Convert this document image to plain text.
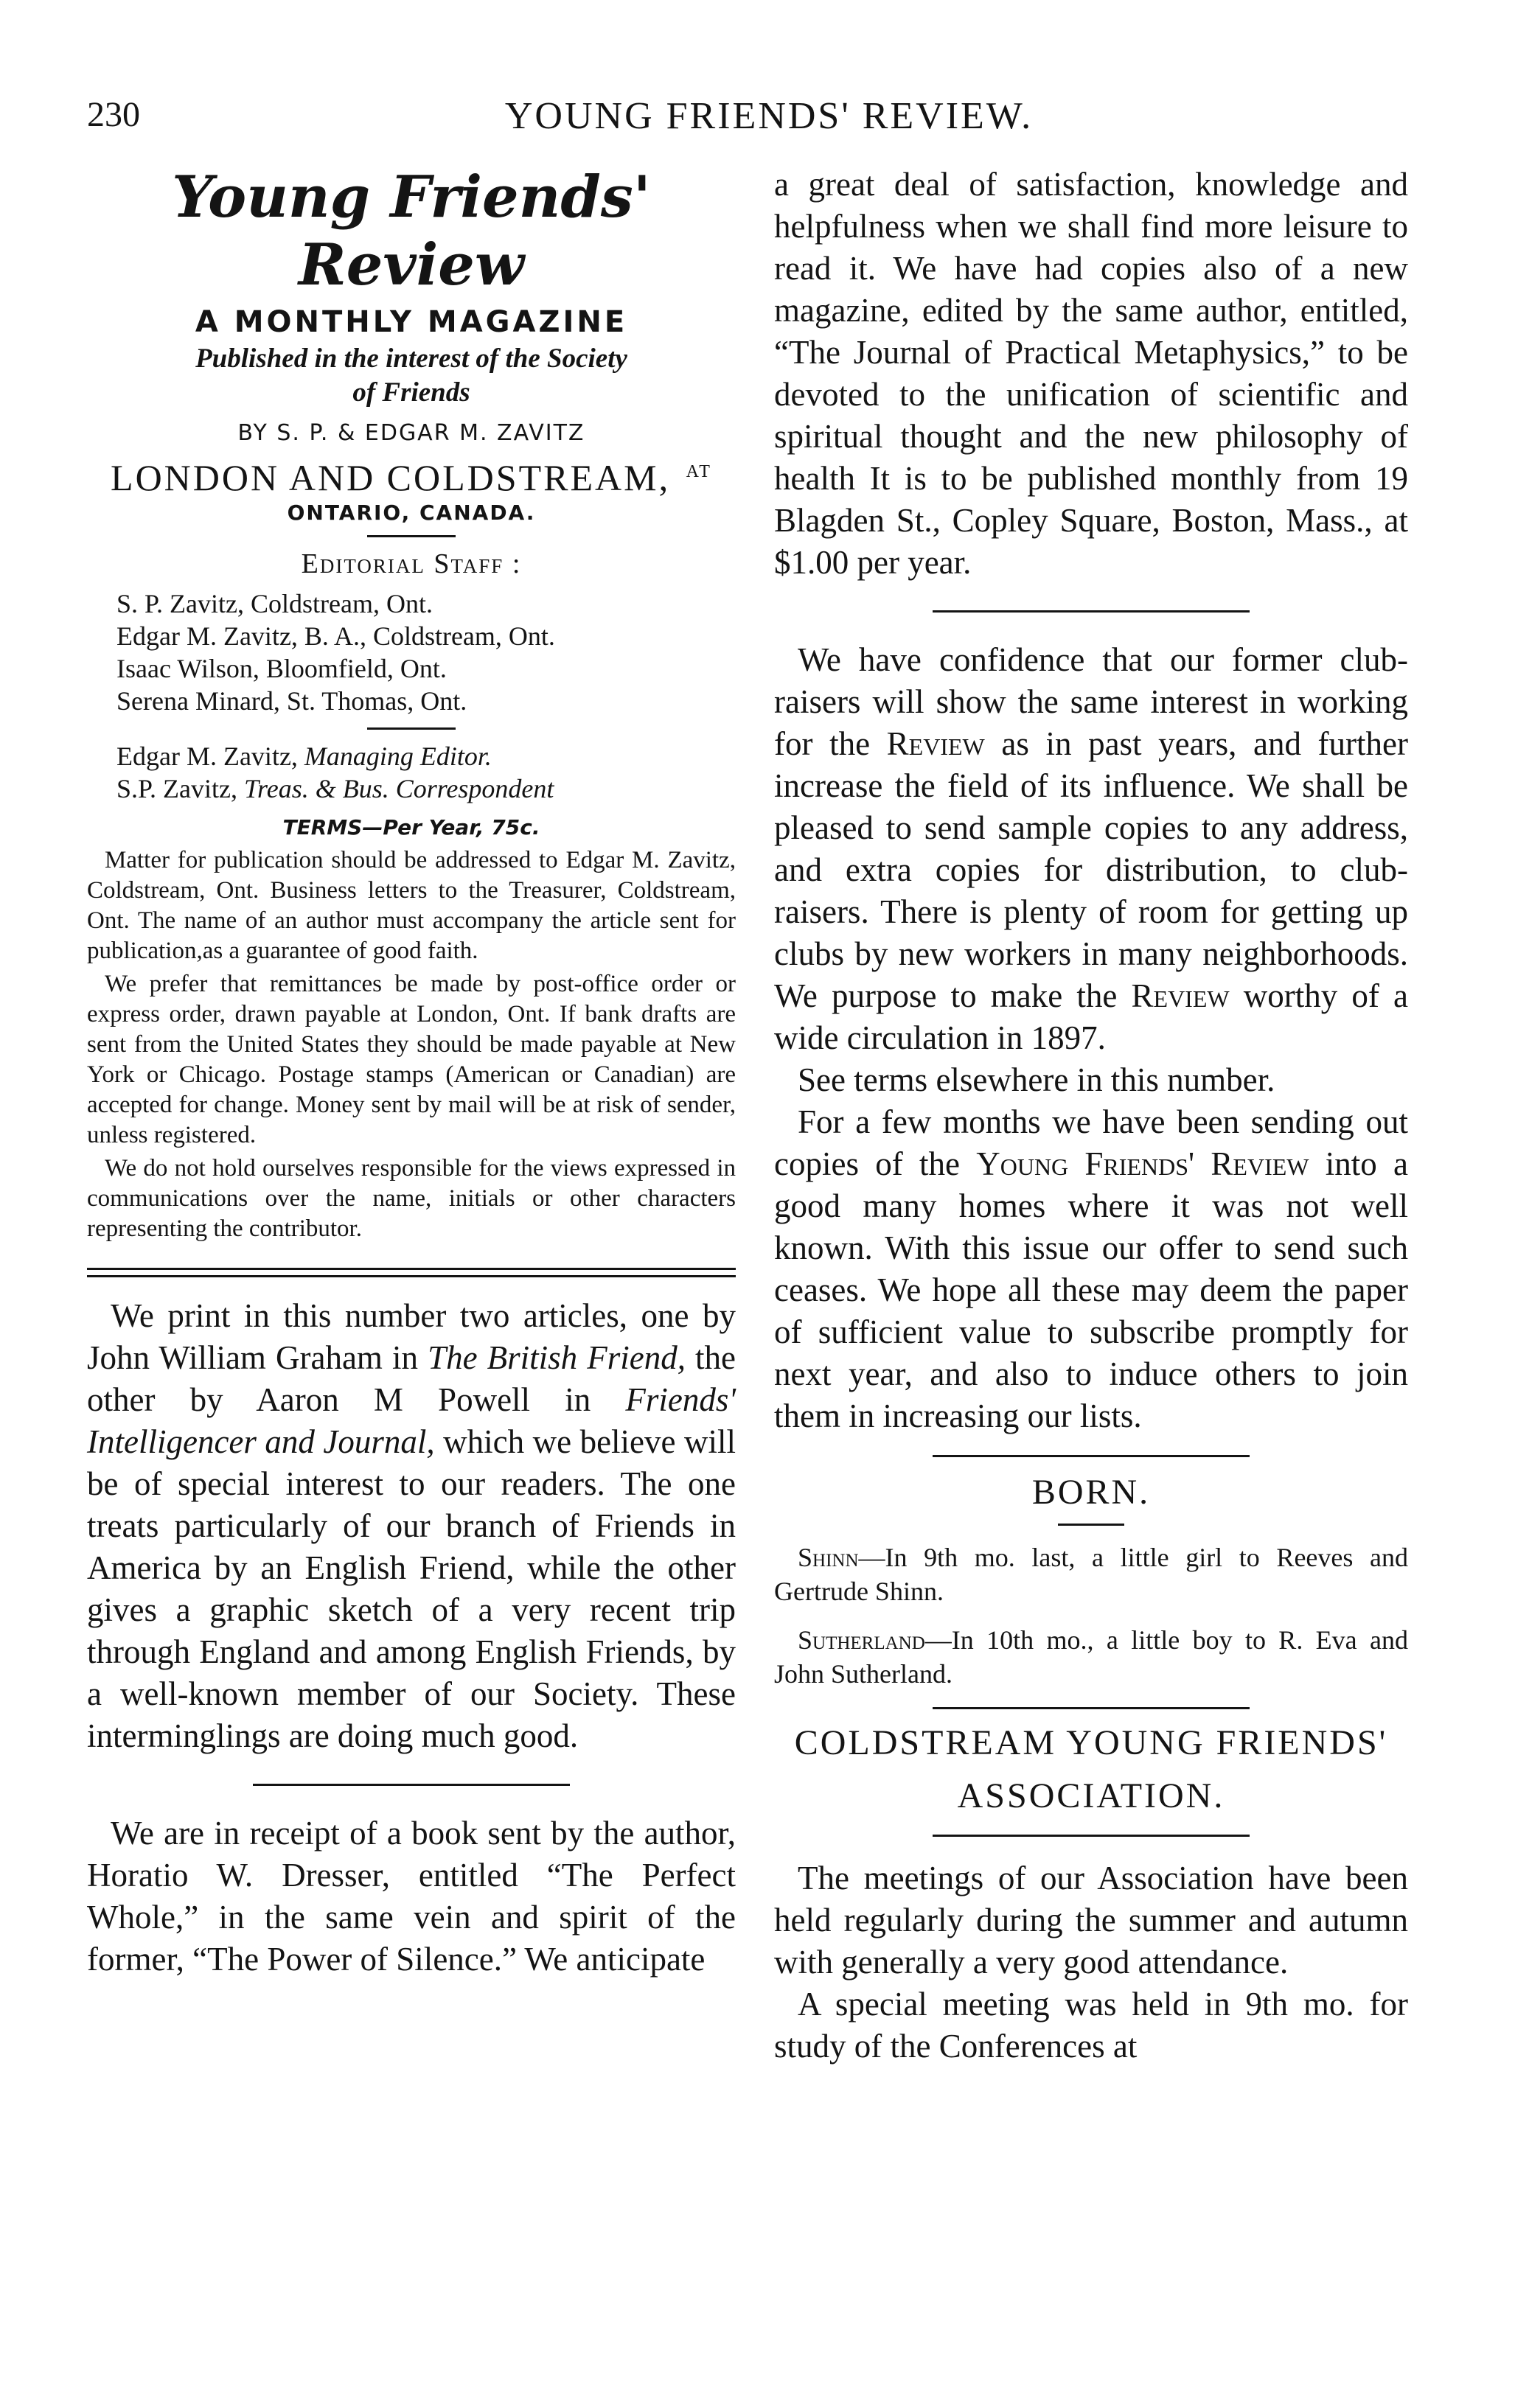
230	YOUNG FRIENDS' REVIEW.
Young Friends' Review
A MONTHLY MAGAZINE

Published in the interest of the Society

of Friends

BY S. P. & EDGAR M. ZAVITZ
LONDON AND COLDSTREAM, $^{AT}$
ONTARIO, CANADA.
Editorial Staff :

S. P. Zavitz, Coldstream, Ont.

Edgar M. Zavitz, B. A., Coldstream, Ont.

Isaac Wilson, Bloomfield, Ont.

Serena Minard, St. Thomas, Ont.

Edgar M. Zavitz, Managing Editor.

S.P. Zavitz, Treas. & Bus. Correspondent

TERMS—Per Year, 75c.

Matter for publication should be addressed to Edgar M. Zavitz, Coldstream, Ont. Business letters to the Treasurer, Coldstream, Ont. The name of an author must accompany the article sent for publication,as a guarantee of good faith.

We prefer that remittances be made by post-office order or express order, drawn payable at London, Ont. If bank drafts are sent from the United States they should be made payable at New York or Chicago. Postage stamps (American or Canadian) are accepted for change. Money sent by mail will be at risk of sender, unless registered.

We do not hold ourselves responsible for the views expressed in communications over the name, initials or other characters representing the contributor.

We print in this number two articles, one by John William Graham in The British Friend, the other by Aaron M Powell in Friends' Intelligencer and Journal, which we believe will be of special interest to our readers. The one treats particularly of our branch of Friends in America by an English Friend, while the other gives a graphic sketch of a very recent trip through England and among English Friends, by a well-known member of our Society. These interminglings are doing much good.

We are in receipt of a book sent by the author, Horatio W. Dresser, entitled “The Perfect Whole,” in the same vein and spirit of the former, “The Power of Silence.” We anticipate

a great deal of satisfaction, knowledge and helpfulness when we shall find more leisure to read it. We have had copies also of a new magazine, edited by the same author, entitled, “The Journal of Practical Metaphysics,” to be devoted to the unification of scientific and spiritual thought and the new philosophy of health It is to be published monthly from 19 Blagden St., Copley Square, Boston, Mass., at $1.00 per year.

We have confidence that our former club-raisers will show the same interest in working for the Review as in past years, and further increase the field of its influence. We shall be pleased to send sample copies to any address, and extra copies for distribution, to club-raisers. There is plenty of room for getting up clubs by new workers in many neighborhoods. We purpose to make the Review worthy of a wide circulation in 1897.

See terms elsewhere in this number.

For a few months we have been sending out copies of the Young Friends' Review into a good many homes where it was not well known. With this issue our offer to send such ceases. We hope all these may deem the paper of sufficient value to subscribe promptly for next year, and also to induce others to join them in increasing our lists.

BORN.

Shinn—In 9th mo. last, a little girl to Reeves and Gertrude Shinn.

Sutherland—In 10th mo., a little boy to R. Eva and John Sutherland.

COLDSTREAM YOUNG FRIENDS'
ASSOCIATION.

The meetings of our Association have been held regularly during the summer and autumn with generally a very good attendance.

A special meeting was held in 9th mo. for study of the Conferences at
